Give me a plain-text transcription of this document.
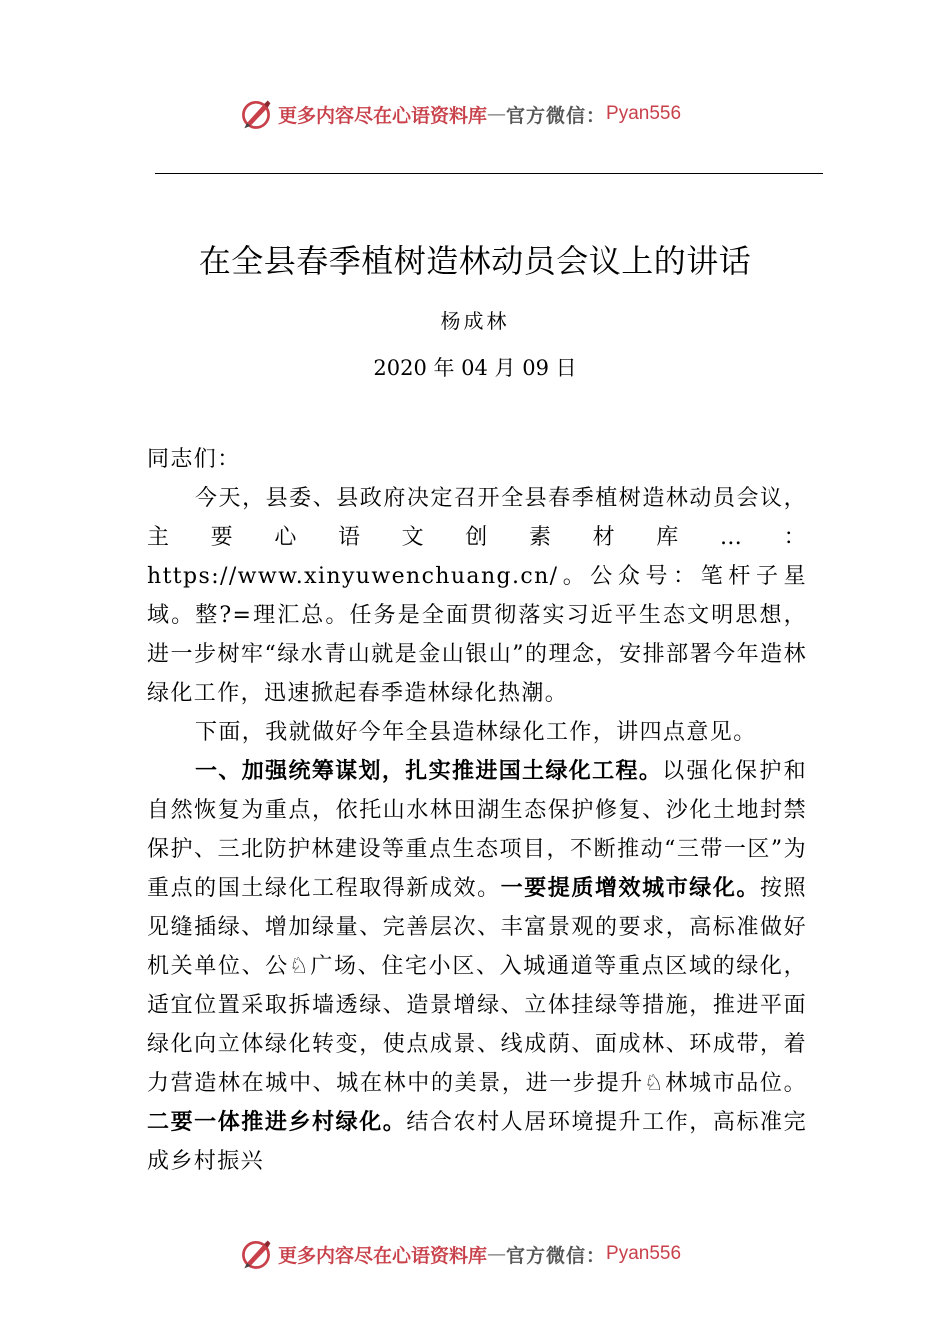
更多内容尽在心语资料库 — 官方微信： Pyan556
在全县春季植树造林动员会议上的讲话
杨成林
2020 年 04 月 09 日

同志们：

今天，县委、县政府决定召开全县春季植树造林动员会议，主要心语文创素材库…：https://www.xinyuwenchuang.cn/。公众号：笔杆子星域。整?=理汇总。任务是全面贯彻落实习近平生态文明思想，进一步树牢“绿水青山就是金山银山”的理念，安排部署今年造林绿化工作，迅速掀起春季造林绿化热潮。

下面，我就做好今年全县造林绿化工作，讲四点意见。

一、加强统筹谋划，扎实推进国土绿化工程。以强化保护和自然恢复为重点，依托山水林田湖生态保护修复、沙化土地封禁保护、三北防护林建设等重点生态项目，不断推动“三带一区”为重点的国土绿化工程取得新成效。一要提质增效城市绿化。按照见缝插绿、增加绿量、完善层次、丰富景观的要求，高标准做好机关单位、公♘广场、住宅小区、入城通道等重点区域的绿化，适宜位置采取拆墙透绿、造景增绿、立体挂绿等措施，推进平面绿化向立体绿化转变，使点成景、线成荫、面成林、环成带，着力营造林在城中、城在林中的美景，进一步提升♘林城市品位。二要一体推进乡村绿化。结合农村人居环境提升工作，高标准完成乡村振兴

更多内容尽在心语资料库 — 官方微信： Pyan556
